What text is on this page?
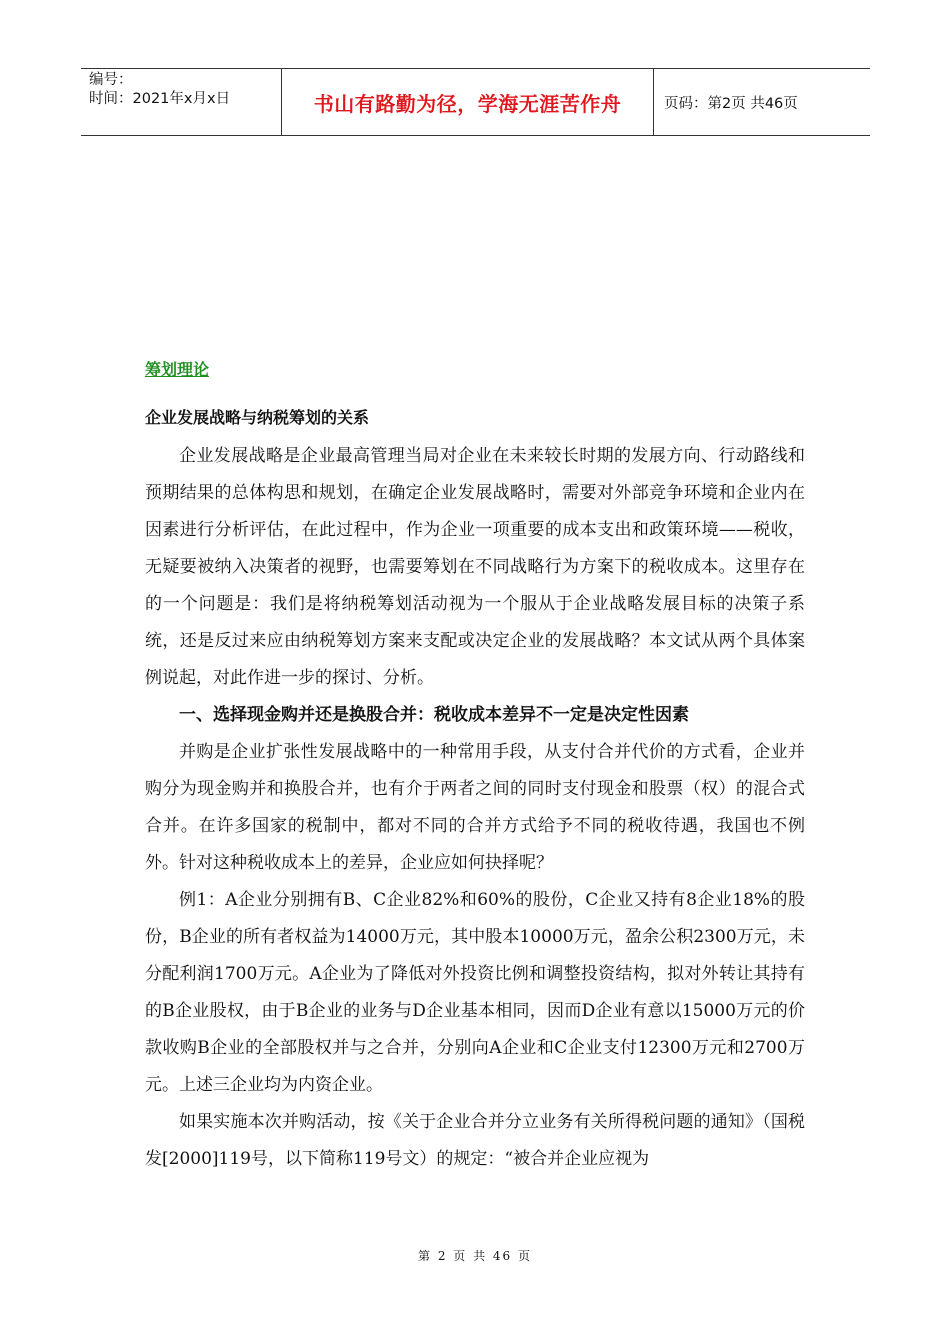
编号：
时间：2021年x月x日	书山有路勤为径，学海无涯苦作舟	页码：第2页 共46页
筹划理论
企业发展战略与纳税筹划的关系

企业发展战略是企业最高管理当局对企业在未来较长时期的发展方向、行动路线和预期结果的总体构思和规划，在确定企业发展战略时，需要对外部竞争环境和企业内在因素进行分析评估，在此过程中，作为企业一项重要的成本支出和政策环境——税收，无疑要被纳入决策者的视野，也需要筹划在不同战略行为方案下的税收成本。这里存在的一个问题是：我们是将纳税筹划活动视为一个服从于企业战略发展目标的决策子系统，还是反过来应由纳税筹划方案来支配或决定企业的发展战略？本文试从两个具体案例说起，对此作进一步的探讨、分析。

一、选择现金购并还是换股合并：税收成本差异不一定是决定性因素

并购是企业扩张性发展战略中的一种常用手段，从支付合并代价的方式看，企业并购分为现金购并和换股合并，也有介于两者之间的同时支付现金和股票（权）的混合式合并。在许多国家的税制中，都对不同的合并方式给予不同的税收待遇，我国也不例外。针对这种税收成本上的差异，企业应如何抉择呢？

例1：A企业分别拥有B、C企业82%和60%的股份，C企业又持有8企业18%的股份，B企业的所有者权益为14000万元，其中股本10000万元，盈余公积2300万元，未分配利润1700万元。A企业为了降低对外投资比例和调整投资结构，拟对外转让其持有的B企业股权，由于B企业的业务与D企业基本相同，因而D企业有意以15000万元的价款收购B企业的全部股权并与之合并，分别向A企业和C企业支付12300万元和2700万元。上述三企业均为内资企业。

如果实施本次并购活动，按《关于企业合并分立业务有关所得税问题的通知》（国税发[2000]119号，以下简称119号文）的规定：“被合并企业应视为

第 2 页 共 46 页
